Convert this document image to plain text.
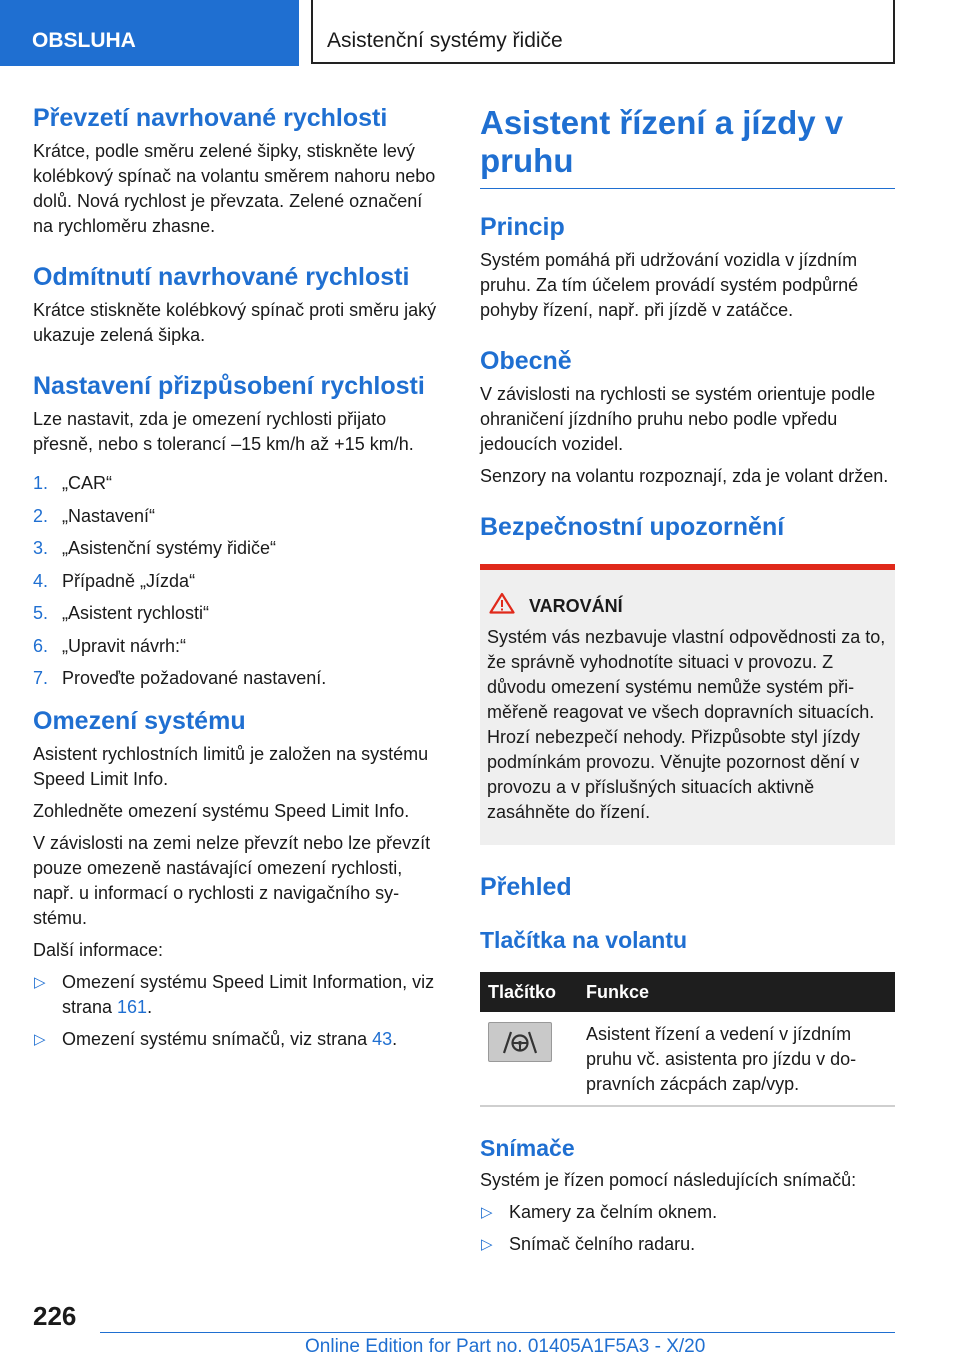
OBSLUHA	Asistenční systémy řidiče
Převzetí navrhované rychlosti

Krátce, podle směru zelené šipky, stiskněte levý kolébkový spínač na volantu směrem nahoru nebo dolů. Nová rychlost je převzata. Zelené označení na rychloměru zhasne.

Odmítnutí navrhované rychlosti

Krátce stiskněte kolébkový spínač proti směru jaký ukazuje zelená šipka.

Nastavení přizpůsobení rychlosti

Lze nastavit, zda je omezení rychlosti přijato přesně, nebo s tolerancí –15 km/h až +15 km/h.

1. „CAR“
2. „Nastavení“
3. „Asistenční systémy řidiče“
4. Případně „Jízda“
5. „Asistent rychlosti“
6. „Upravit návrh:“
7. Proveďte požadované nastavení.
Omezení systému

Asistent rychlostních limitů je založen na systému Speed Limit Info.

Zohledněte omezení systému Speed Limit Info.

V závislosti na zemi nelze převzít nebo lze převzít pouze omezeně nastávající omezení rychlosti, např. u informací o rychlosti z navigačního systému.

Další informace:

▷ Omezení systému Speed Limit Information, viz strana 161.
▷ Omezení systému snímačů, viz strana 43.
Asistent řízení a jízdy v pruhu
Princip

Systém pomáhá při udržování vozidla v jízdním pruhu. Za tím účelem provádí systém podpůrné pohyby řízení, např. při jízdě v zatáčce.

Obecně

V závislosti na rychlosti se systém orientuje podle ohraničení jízdního pruhu nebo podle vpředu jedoucích vozidel.

Senzory na volantu rozpoznají, zda je volant držen.

Bezpečnostní upozornění
VAROVÁNÍ

Systém vás nezbavuje vlastní odpovědnosti za to, že správně vyhodnotíte situaci v provozu. Z důvodu omezení systému nemůže systém přiměřeně reagovat ve všech dopravních situacích. Hrozí nebezpečí nehody. Přizpůsobte styl jízdy podmínkám provozu. Věnujte pozornost dění v provozu a v příslušných situacích aktivně zasáhněte do řízení.

Přehled
Tlačítka na volantu
Tlačítko	Funkce

	Asistent řízení a vedení v jízdním pruhu vč. asistenta pro jízdu v dopravních zácpách zap/vyp.
Snímače

Systém je řízen pomocí následujících snímačů:

▷ Kamery za čelním oknem.
▷ Snímač čelního radaru.
226
Online Edition for Part no. 01405A1F5A3 - X/20
